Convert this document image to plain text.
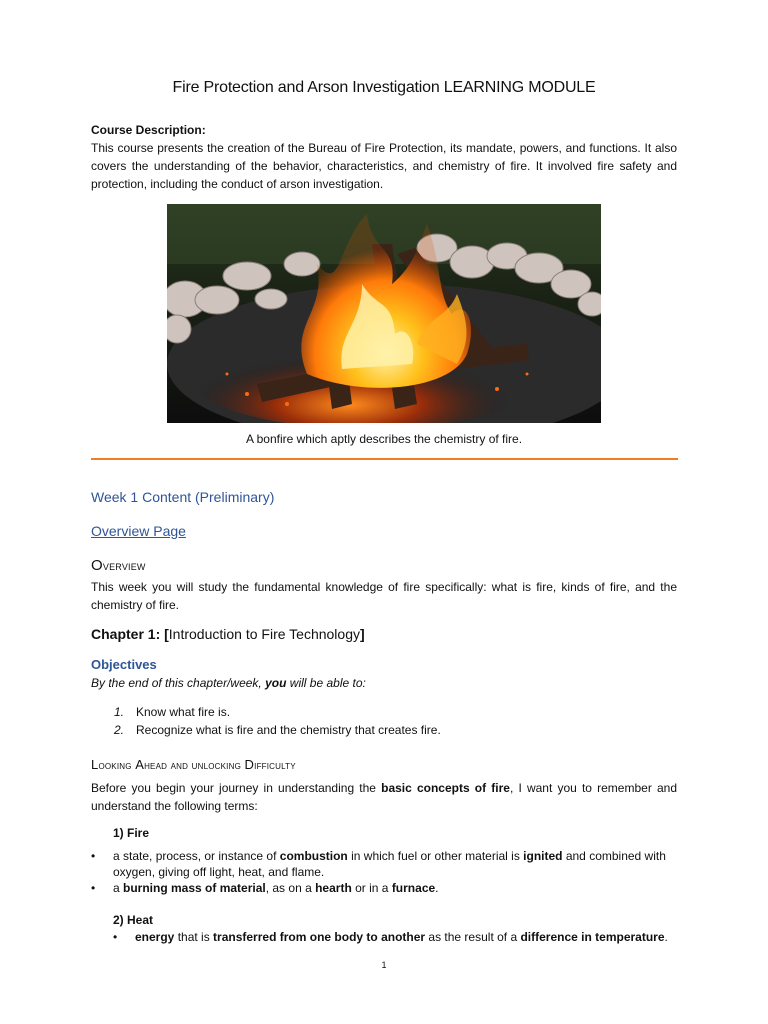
Fire Protection and Arson Investigation LEARNING MODULE
Course Description:
This course presents the creation of the Bureau of Fire Protection, its mandate, powers, and functions. It also covers the understanding of the behavior, characteristics, and chemistry of fire. It involved fire safety and protection, including the conduct of arson investigation.
A bonfire which aptly describes the chemistry of fire.
Week 1 Content (Preliminary)
Overview Page
Overview
This week you will study the fundamental knowledge of fire specifically: what is fire, kinds of fire, and the chemistry of fire.
Chapter 1: [Introduction to Fire Technology]
Objectives
By the end of this chapter/week, you will be able to:
1. Know what fire is.
2. Recognize what is fire and the chemistry that creates fire.
Looking Ahead and unlocking Difficulty
Before you begin your journey in understanding the basic concepts of fire, I want you to remember and understand the following terms:
1) Fire
•	a state, process, or instance of combustion in which fuel or other material is ignited and combined with oxygen, giving off light, heat, and flame.
•	a burning mass of material, as on a hearth or in a furnace.
2) Heat
•	energy that is transferred from one body to another as the result of a difference in temperature.
1
